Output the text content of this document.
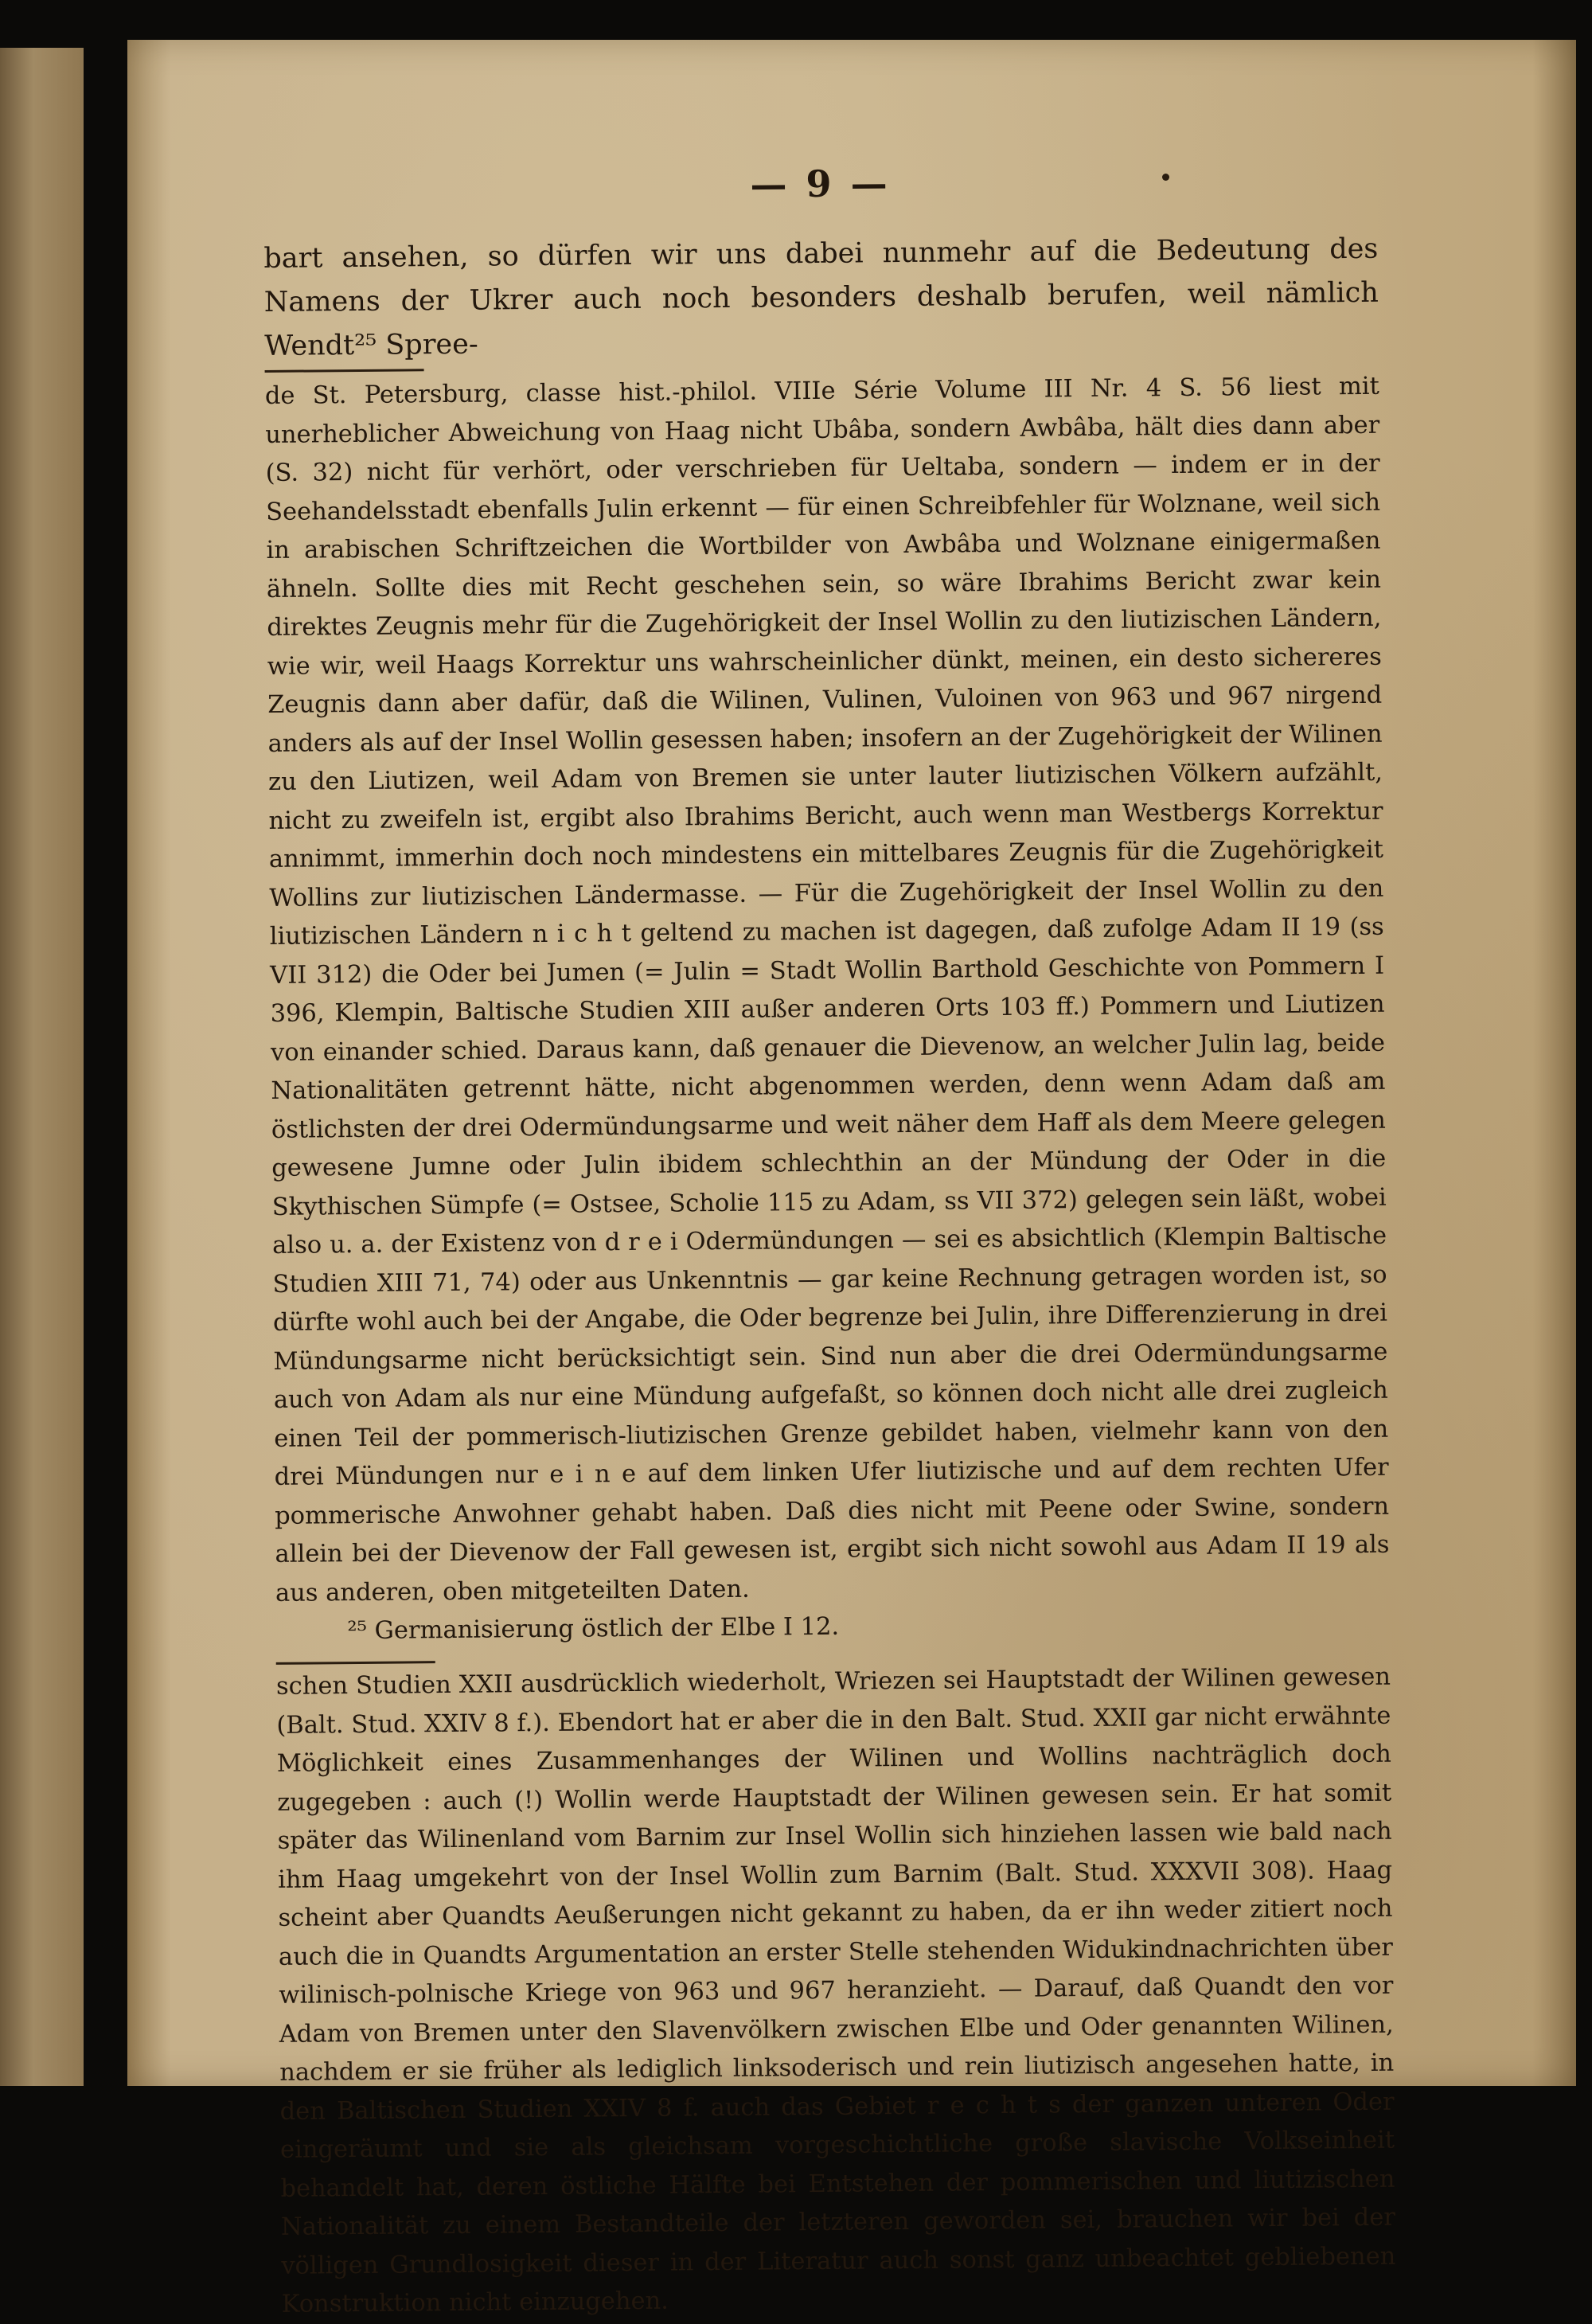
— 9 —

bart ansehen, so dürfen wir uns dabei nunmehr auf die Bedeutung des Namens der Ukrer auch noch besonders deshalb berufen, weil nämlich Wendt²⁵ Spree-

de St. Petersburg, classe hist.-philol. VIIIe Série Volume III Nr. 4 S. 56 liest mit unerheblicher Abweichung von Haag nicht Ubâba, sondern Awbâba, hält dies dann aber (S. 32) nicht für verhört, oder verschrieben für Ueltaba, sondern — indem er in der Seehandelsstadt ebenfalls Julin erkennt — für einen Schreibfehler für Wolznane, weil sich in arabischen Schriftzeichen die Wortbilder von Awbâba und Wolznane einigermaßen ähneln. Sollte dies mit Recht geschehen sein, so wäre Ibrahims Bericht zwar kein direktes Zeugnis mehr für die Zugehörigkeit der Insel Wollin zu den liutizischen Ländern, wie wir, weil Haags Korrektur uns wahrscheinlicher dünkt, meinen, ein desto sichereres Zeugnis dann aber dafür, daß die Wilinen, Vulinen, Vuloinen von 963 und 967 nirgend anders als auf der Insel Wollin gesessen haben; insofern an der Zugehörigkeit der Wilinen zu den Liutizen, weil Adam von Bremen sie unter lauter liutizischen Völkern aufzählt, nicht zu zweifeln ist, ergibt also Ibrahims Bericht, auch wenn man Westbergs Korrektur annimmt, immerhin doch noch mindestens ein mittelbares Zeugnis für die Zugehörigkeit Wollins zur liutizischen Ländermasse. — Für die Zugehörigkeit der Insel Wollin zu den liutizischen Ländern n i c h t geltend zu machen ist dagegen, daß zufolge Adam II 19 (ss VII 312) die Oder bei Jumen (= Julin = Stadt Wollin Barthold Geschichte von Pommern I 396, Klempin, Baltische Studien XIII außer anderen Orts 103 ff.) Pommern und Liutizen von einander schied. Daraus kann, daß genauer die Dievenow, an welcher Julin lag, beide Nationalitäten getrennt hätte, nicht abgenommen werden, denn wenn Adam daß am östlichsten der drei Odermündungsarme und weit näher dem Haff als dem Meere gelegen gewesene Jumne oder Julin ibidem schlechthin an der Mündung der Oder in die Skythischen Sümpfe (= Ostsee, Scholie 115 zu Adam, ss VII 372) gelegen sein läßt, wobei also u. a. der Existenz von d r e i Odermündungen — sei es absichtlich (Klempin Baltische Studien XIII 71, 74) oder aus Unkenntnis — gar keine Rechnung getragen worden ist, so dürfte wohl auch bei der Angabe, die Oder begrenze bei Julin, ihre Differenzierung in drei Mündungsarme nicht berücksichtigt sein. Sind nun aber die drei Odermündungsarme auch von Adam als nur eine Mündung aufgefaßt, so können doch nicht alle drei zugleich einen Teil der pommerisch-liutizischen Grenze gebildet haben, vielmehr kann von den drei Mündungen nur e i n e auf dem linken Ufer liutizische und auf dem rechten Ufer pommerische Anwohner gehabt haben. Daß dies nicht mit Peene oder Swine, sondern allein bei der Dievenow der Fall gewesen ist, ergibt sich nicht sowohl aus Adam II 19 als aus anderen, oben mitgeteilten Daten.

²⁵ Germanisierung östlich der Elbe I 12.

schen Studien XXII ausdrücklich wiederholt, Wriezen sei Hauptstadt der Wilinen gewesen (Balt. Stud. XXIV 8 f.). Ebendort hat er aber die in den Balt. Stud. XXII gar nicht erwähnte Möglichkeit eines Zusammenhanges der Wilinen und Wollins nachträglich doch zugegeben : auch (!) Wollin werde Hauptstadt der Wilinen gewesen sein. Er hat somit später das Wilinenland vom Barnim zur Insel Wollin sich hinziehen lassen wie bald nach ihm Haag umgekehrt von der Insel Wollin zum Barnim (Balt. Stud. XXXVII 308). Haag scheint aber Quandts Aeußerungen nicht gekannt zu haben, da er ihn weder zitiert noch auch die in Quandts Argumentation an erster Stelle stehenden Widukindnachrichten über wilinisch-polnische Kriege von 963 und 967 heranzieht. — Darauf, daß Quandt den vor Adam von Bremen unter den Slavenvölkern zwischen Elbe und Oder genannten Wilinen, nachdem er sie früher als lediglich linksoderisch und rein liutizisch angesehen hatte, in den Baltischen Studien XXIV 8 f. auch das Gebiet r e c h t s der ganzen unteren Oder eingeräumt und sie als gleichsam vorgeschichtliche große slavische Volkseinheit behandelt hat, deren östliche Hälfte bei Entstehen der pommerischen und liutizischen Nationalität zu einem Bestandteile der letzteren geworden sei, brauchen wir bei der völligen Grundlosigkeit dieser in der Literatur auch sonst ganz unbeachtet gebliebenen Konstruktion nicht einzugehen.
